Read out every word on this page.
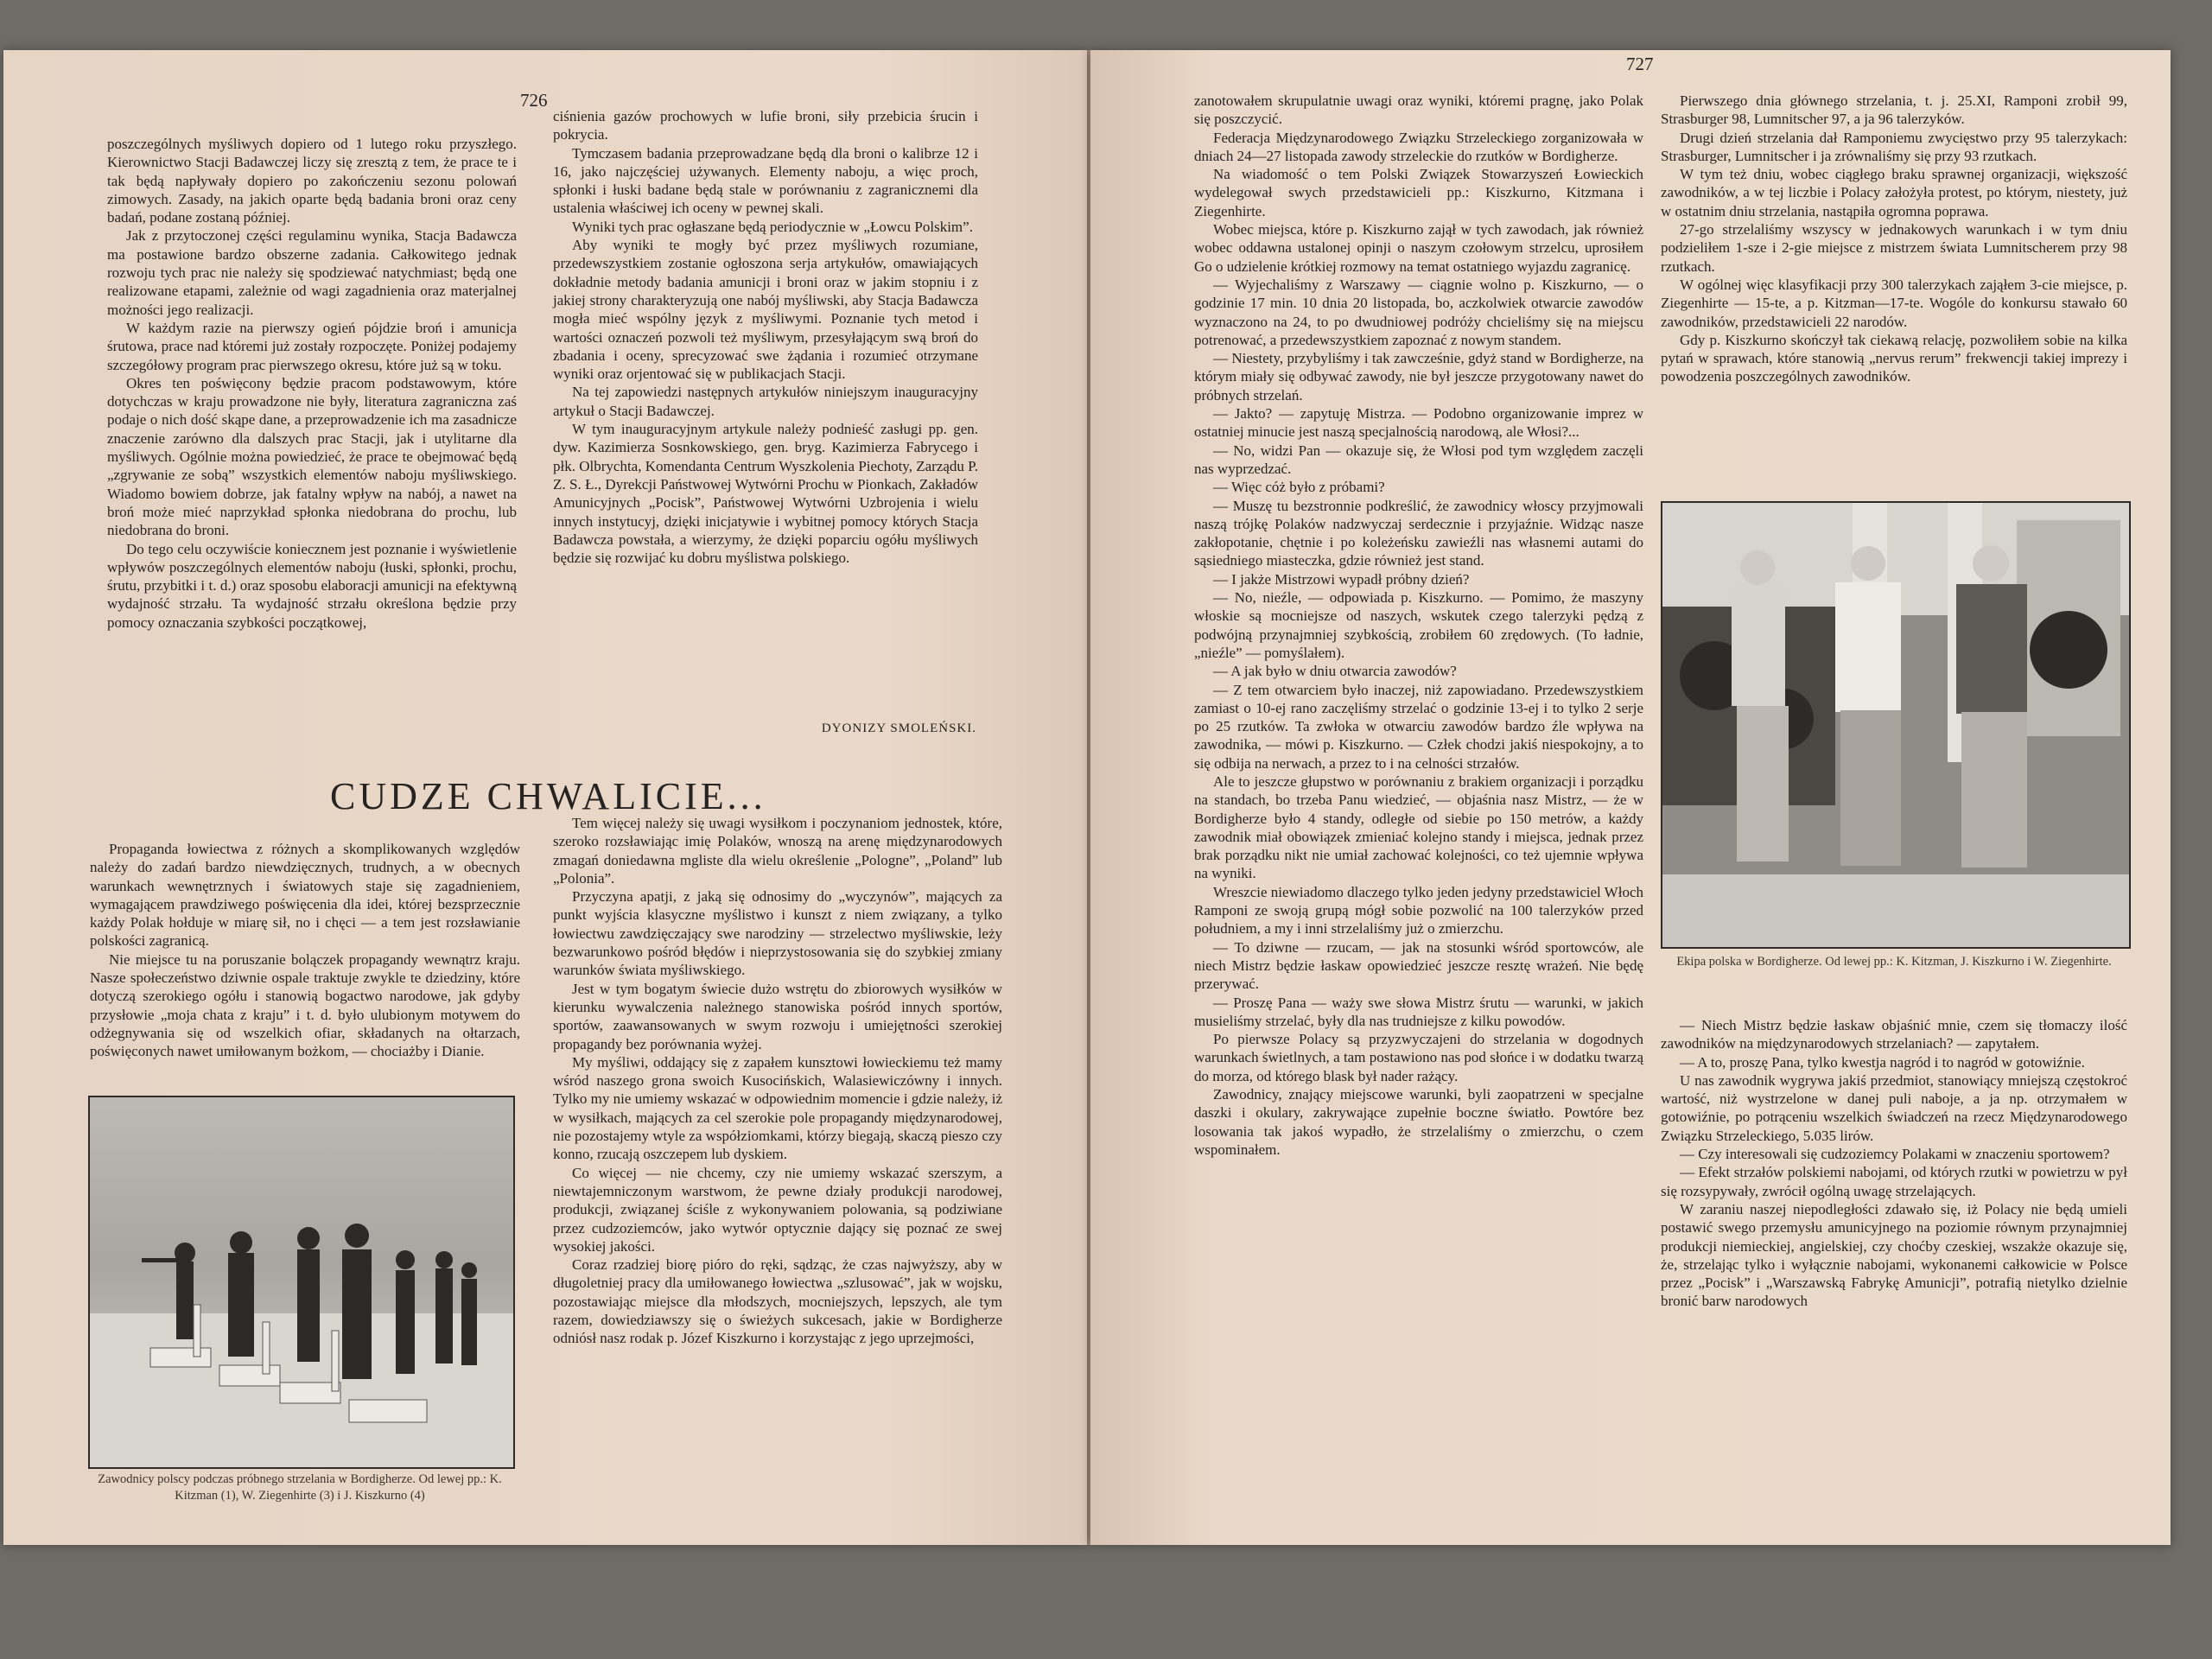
726

poszczególnych myśliwych dopiero od 1 lutego roku przyszłego. Kierownictwo Stacji Badawczej liczy się zresztą z tem, że prace te i tak będą napływały dopiero po zakończeniu sezonu polowań zimowych. Zasady, na jakich oparte będą badania broni oraz ceny badań, podane zostaną później.

Jak z przytoczonej części regulaminu wynika, Stacja Badawcza ma postawione bardzo obszerne zadania. Całkowitego jednak rozwoju tych prac nie należy się spodziewać natychmiast; będą one realizowane etapami, zależnie od wagi zagadnienia oraz materjalnej możności jego realizacji.

W każdym razie na pierwszy ogień pójdzie broń i amunicja śrutowa, prace nad któremi już zostały rozpoczęte. Poniżej podajemy szczegółowy program prac pierwszego okresu, które już są w toku.

Okres ten poświęcony będzie pracom podstawowym, które dotychczas w kraju prowadzone nie były, literatura zagraniczna zaś podaje o nich dość skąpe dane, a przeprowadzenie ich ma zasadnicze znaczenie zarówno dla dalszych prac Stacji, jak i utylitarne dla myśliwych. Ogólnie można powiedzieć, że prace te obejmować będą „zgrywanie ze sobą” wszystkich elementów naboju myśliwskiego. Wiadomo bowiem dobrze, jak fatalny wpływ na nabój, a nawet na broń może mieć naprzykład spłonka niedobrana do prochu, lub niedobrana do broni.

Do tego celu oczywiście koniecznem jest poznanie i wyświetlenie wpływów poszczególnych elementów naboju (łuski, spłonki, prochu, śrutu, przybitki i t. d.) oraz sposobu elaboracji amunicji na efektywną wydajność strzału. Ta wydajność strzału określona będzie przy pomocy oznaczania szybkości początkowej,

ciśnienia gazów prochowych w lufie broni, siły przebicia śrucin i pokrycia.

Tymczasem badania przeprowadzane będą dla broni o kalibrze 12 i 16, jako najczęściej używanych. Elementy naboju, a więc proch, spłonki i łuski badane będą stale w porównaniu z zagranicznemi dla ustalenia właściwej ich oceny w pewnej skali.

Wyniki tych prac ogłaszane będą periodycznie w „Łowcu Polskim”.

Aby wyniki te mogły być przez myśliwych rozumiane, przedewszystkiem zostanie ogłoszona serja artykułów, omawiających dokładnie metody badania amunicji i broni oraz w jakim stopniu i z jakiej strony charakteryzują one nabój myśliwski, aby Stacja Badawcza mogła mieć wspólny język z myśliwymi. Poznanie tych metod i wartości oznaczeń pozwoli też myśliwym, przesyłającym swą broń do zbadania i oceny, sprecyzować swe żądania i rozumieć otrzymane wyniki oraz orjentować się w publikacjach Stacji.

Na tej zapowiedzi następnych artykułów niniejszym inauguracyjny artykuł o Stacji Badawczej.

W tym inauguracyjnym artykule należy podnieść zasługi pp. gen. dyw. Kazimierza Sosnkowskiego, gen. bryg. Kazimierza Fabrycego i płk. Olbrychta, Komendanta Centrum Wyszkolenia Piechoty, Zarządu P. Z. S. Ł., Dyrekcji Państwowej Wytwórni Prochu w Pionkach, Zakładów Amunicyjnych „Pocisk”, Państwowej Wytwórni Uzbrojenia i wielu innych instytucyj, dzięki inicjatywie i wybitnej pomocy których Stacja Badawcza powstała, a wierzymy, że dzięki poparciu ogółu myśliwych będzie się rozwijać ku dobru myślistwa polskiego.

DYONIZY SMOLEŃSKI.
CUDZE CHWALICIE...

Propaganda łowiectwa z różnych a skomplikowanych względów należy do zadań bardzo niewdzięcznych, trudnych, a w obecnych warunkach wewnętrznych i światowych staje się zagadnieniem, wymagającem prawdziwego poświęcenia dla idei, której bezsprzecznie każdy Polak hołduje w miarę sił, no i chęci — a tem jest rozsławianie polskości zagranicą.

Nie miejsce tu na poruszanie bolączek propagandy wewnątrz kraju. Nasze społeczeństwo dziwnie ospale traktuje zwykle te dziedziny, które dotyczą szerokiego ogółu i stanowią bogactwo narodowe, jak gdyby przysłowie „moja chata z kraju” i t. d. było ulubionym motywem do odżegnywania się od wszelkich ofiar, składanych na ołtarzach, poświęconych nawet umiłowanym bożkom, — chociażby i Dianie.

Tem więcej należy się uwagi wysiłkom i poczynaniom jednostek, które, szeroko rozsławiając imię Polaków, wnoszą na arenę międzynarodowych zmagań doniedawna mgliste dla wielu określenie „Pologne”, „Poland” lub „Polonia”.

Przyczyna apatji, z jaką się odnosimy do „wyczynów”, mających za punkt wyjścia klasyczne myślistwo i kunszt z niem związany, a tylko łowiectwu zawdzięczający swe narodziny — strzelectwo myśliwskie, leży bezwarunkowo pośród błędów i nieprzystosowania się do szybkiej zmiany warunków świata myśliwskiego.

Jest w tym bogatym świecie dużo wstrętu do zbiorowych wysiłków w kierunku wywalczenia należnego stanowiska pośród innych sportów, sportów, zaawansowanych w swym rozwoju i umiejętności szerokiej propagandy bez porównania wyżej.

My myśliwi, oddający się z zapałem kunsztowi łowieckiemu też mamy wśród naszego grona swoich Kusocińskich, Walasiewiczówny i innych. Tylko my nie umiemy wskazać w odpowiednim momencie i gdzie należy, iż w wysiłkach, mających za cel szerokie pole propagandy międzynarodowej, nie pozostajemy wtyle za współziomkami, którzy biegają, skaczą pieszo czy konno, rzucają oszczepem lub dyskiem.

Co więcej — nie chcemy, czy nie umiemy wskazać szerszym, a niewtajemniczonym warstwom, że pewne działy produkcji narodowej, produkcji, związanej ściśle z wykonywaniem polowania, są podziwiane przez cudzoziemców, jako wytwór optycznie dający się poznać ze swej wysokiej jakości.

Coraz rzadziej biorę pióro do ręki, sądząc, że czas najwyższy, aby w długoletniej pracy dla umiłowanego łowiectwa „szlusować”, jak w wojsku, pozostawiając miejsce dla młodszych, mocniejszych, lepszych, ale tym razem, dowiedziawszy się o świeżych sukcesach, jakie w Bordigherze odniósł nasz rodak p. Józef Kiszkurno i korzystając z jego uprzejmości,

Zawodnicy polscy podczas próbnego strzelania w Bordigherze. Od lewej pp.: K. Kitzman (1), W. Ziegenhirte (3) i J. Kiszkurno (4)
727

zanotowałem skrupulatnie uwagi oraz wyniki, któremi pragnę, jako Polak się poszczycić.

Federacja Międzynarodowego Związku Strzeleckiego zorganizowała w dniach 24—27 listopada zawody strzeleckie do rzutków w Bordigherze.

Na wiadomość o tem Polski Związek Stowarzyszeń Łowieckich wydelegował swych przedstawicieli pp.: Kiszkurno, Kitzmana i Ziegenhirte.

Wobec miejsca, które p. Kiszkurno zajął w tych zawodach, jak również wobec oddawna ustalonej opinji o naszym czołowym strzelcu, uprosiłem Go o udzielenie krótkiej rozmowy na temat ostatniego wyjazdu zagranicę.

— Wyjechaliśmy z Warszawy — ciągnie wolno p. Kiszkurno, — o godzinie 17 min. 10 dnia 20 listopada, bo, aczkolwiek otwarcie zawodów wyznaczono na 24, to po dwudniowej podróży chcieliśmy się na miejscu potrenować, a przedewszystkiem zapoznać z nowym standem.

— Niestety, przybyliśmy i tak zawcześnie, gdyż stand w Bordigherze, na którym miały się odbywać zawody, nie był jeszcze przygotowany nawet do próbnych strzelań.

— Jakto? — zapytuję Mistrza. — Podobno organizowanie imprez w ostatniej minucie jest naszą specjalnością narodową, ale Włosi?...

— No, widzi Pan — okazuje się, że Włosi pod tym względem zaczęli nas wyprzedzać.

— Więc cóż było z próbami?

— Muszę tu bezstronnie podkreślić, że zawodnicy włoscy przyjmowali naszą trójkę Polaków nadzwyczaj serdecznie i przyjaźnie. Widząc nasze zakłopotanie, chętnie i po koleżeńsku zawieźli nas własnemi autami do sąsiedniego miasteczka, gdzie również jest stand.

— I jakże Mistrzowi wypadł próbny dzień?

— No, nieźle, — odpowiada p. Kiszkurno. — Pomimo, że maszyny włoskie są mocniejsze od naszych, wskutek czego talerzyki pędzą z podwójną przynajmniej szybkością, zrobiłem 60 zrędowych. (To ładnie, „nieźle” — pomyślałem).

— A jak było w dniu otwarcia zawodów?

— Z tem otwarciem było inaczej, niż zapowiadano. Przedewszystkiem zamiast o 10-ej rano zaczęliśmy strzelać o godzinie 13-ej i to tylko 2 serje po 25 rzutków. Ta zwłoka w otwarciu zawodów bardzo źle wpływa na zawodnika, — mówi p. Kiszkurno. — Człek chodzi jakiś niespokojny, a to się odbija na nerwach, a przez to i na celności strzałów.

Ale to jeszcze głupstwo w porównaniu z brakiem organizacji i porządku na standach, bo trzeba Panu wiedzieć, — objaśnia nasz Mistrz, — że w Bordigherze było 4 standy, odległe od siebie po 150 metrów, a każdy zawodnik miał obowiązek zmieniać kolejno standy i miejsca, jednak przez brak porządku nikt nie umiał zachować kolejności, co też ujemnie wpływa na wyniki.

Wreszcie niewiadomo dlaczego tylko jeden jedyny przedstawiciel Włoch Ramponi ze swoją grupą mógł sobie pozwolić na 100 talerzyków przed południem, a my i inni strzelaliśmy już o zmierzchu.

— To dziwne — rzucam, — jak na stosunki wśród sportowców, ale niech Mistrz będzie łaskaw opowiedzieć jeszcze resztę wrażeń. Nie będę przerywać.

— Proszę Pana — waży swe słowa Mistrz śrutu — warunki, w jakich musieliśmy strzelać, były dla nas trudniejsze z kilku powodów.

Po pierwsze Polacy są przyzwyczajeni do strzelania w dogodnych warunkach świetlnych, a tam postawiono nas pod słońce i w dodatku twarzą do morza, od którego blask był nader rażący.

Zawodnicy, znający miejscowe warunki, byli zaopatrzeni w specjalne daszki i okulary, zakrywające zupełnie boczne światło. Powtóre bez losowania tak jakoś wypadło, że strzelaliśmy o zmierzchu, o czem wspominałem.

Pierwszego dnia głównego strzelania, t. j. 25.XI, Ramponi zrobił 99, Strasburger 98, Lumnitscher 97, a ja 96 talerzyków.

Drugi dzień strzelania dał Ramponiemu zwycięstwo przy 95 talerzykach: Strasburger, Lumnitscher i ja zrównaliśmy się przy 93 rzutkach.

W tym też dniu, wobec ciągłego braku sprawnej organizacji, większość zawodników, a w tej liczbie i Polacy założyła protest, po którym, niestety, już w ostatnim dniu strzelania, nastąpiła ogromna poprawa.

27-go strzelaliśmy wszyscy w jednakowych warunkach i w tym dniu podzieliłem 1-sze i 2-gie miejsce z mistrzem świata Lumnitscherem przy 98 rzutkach.

W ogólnej więc klasyfikacji przy 300 talerzykach zająłem 3-cie miejsce, p. Ziegenhirte — 15-te, a p. Kitzman—17-te. Wogóle do konkursu stawało 60 zawodników, przedstawicieli 22 narodów.

Gdy p. Kiszkurno skończył tak ciekawą relację, pozwoliłem sobie na kilka pytań w sprawach, które stanowią „nervus rerum” frekwencji takiej imprezy i powodzenia poszczególnych zawodników.

Ekipa polska w Bordigherze. Od lewej pp.: K. Kitzman, J. Kiszkurno i W. Ziegenhirte.

— Niech Mistrz będzie łaskaw objaśnić mnie, czem się tłomaczy ilość zawodników na międzynarodowych strzelaniach? — zapytałem.

— A to, proszę Pana, tylko kwestja nagród i to nagród w gotowiźnie.

U nas zawodnik wygrywa jakiś przedmiot, stanowiący mniejszą częstokroć wartość, niż wystrzelone w danej puli naboje, a ja np. otrzymałem w gotowiźnie, po potrąceniu wszelkich świadczeń na rzecz Międzynarodowego Związku Strzeleckiego, 5.035 lirów.

— Czy interesowali się cudzoziemcy Polakami w znaczeniu sportowem?

— Efekt strzałów polskiemi nabojami, od których rzutki w powietrzu w pył się rozsypywały, zwrócił ogólną uwagę strzelających.

W zaraniu naszej niepodległości zdawało się, iż Polacy nie będą umieli postawić swego przemysłu amunicyjnego na poziomie równym przynajmniej produkcji niemieckiej, angielskiej, czy choćby czeskiej, wszakże okazuje się, że, strzelając tylko i wyłącznie nabojami, wykonanemi całkowicie w Polsce przez „Pocisk” i „Warszawską Fabrykę Amunicji”, potrafią nietylko dzielnie bronić barw narodowych
